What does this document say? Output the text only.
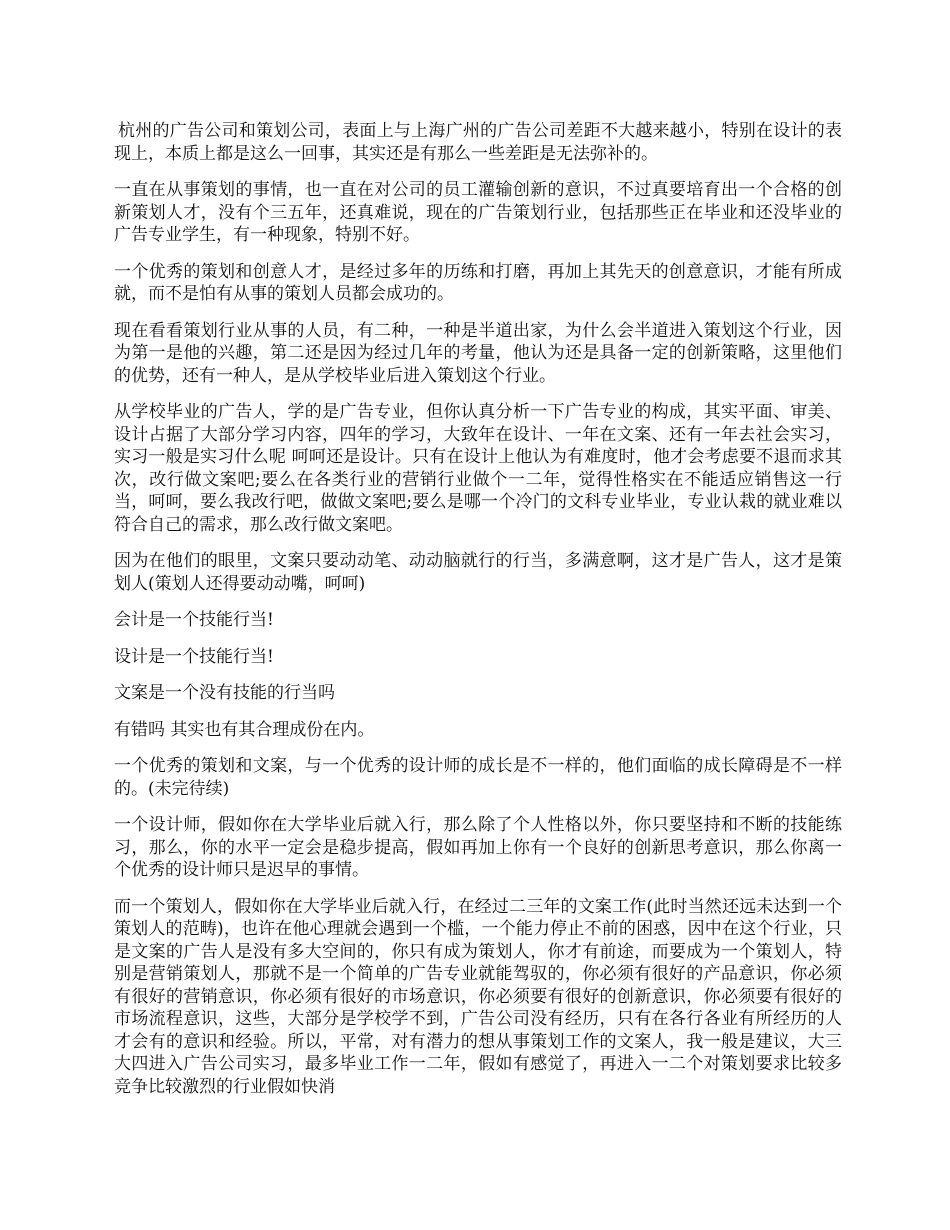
杭州的广告公司和策划公司，表面上与上海广州的广告公司差距不大越来越小，特别在设计的表现上，本质上都是这么一回事，其实还是有那么一些差距是无法弥补的。

一直在从事策划的事情，也一直在对公司的员工灌输创新的意识，不过真要培育出一个合格的创新策划人才，没有个三五年，还真难说，现在的广告策划行业，包括那些正在毕业和还没毕业的广告专业学生，有一种现象，特别不好。

一个优秀的策划和创意人才，是经过多年的历练和打磨，再加上其先天的创意意识，才能有所成就，而不是怕有从事的策划人员都会成功的。

现在看看策划行业从事的人员，有二种，一种是半道出家，为什么会半道进入策划这个行业，因为第一是他的兴趣，第二还是因为经过几年的考量，他认为还是具备一定的创新策略，这里他们的优势，还有一种人，是从学校毕业后进入策划这个行业。

从学校毕业的广告人，学的是广告专业，但你认真分析一下广告专业的构成，其实平面、审美、设计占据了大部分学习内容，四年的学习，大致年在设计、一年在文案、还有一年去社会实习，实习一般是实习什么呢 呵呵还是设计。只有在设计上他认为有难度时，他才会考虑要不退而求其次，改行做文案吧;要么在各类行业的营销行业做个一二年，觉得性格实在不能适应销售这一行当，呵呵，要么我改行吧，做做文案吧;要么是哪一个冷门的文科专业毕业，专业认栽的就业难以符合自己的需求，那么改行做文案吧。

因为在他们的眼里，文案只要动动笔、动动脑就行的行当，多满意啊，这才是广告人，这才是策划人(策划人还得要动动嘴，呵呵)

会计是一个技能行当!

设计是一个技能行当!

文案是一个没有技能的行当吗

有错吗 其实也有其合理成份在内。

一个优秀的策划和文案，与一个优秀的设计师的成长是不一样的，他们面临的成长障碍是不一样的。(未完待续)

一个设计师，假如你在大学毕业后就入行，那么除了个人性格以外，你只要坚持和不断的技能练习，那么，你的水平一定会是稳步提高，假如再加上你有一个良好的创新思考意识，那么你离一个优秀的设计师只是迟早的事情。

而一个策划人，假如你在大学毕业后就入行，在经过二三年的文案工作(此时当然还远未达到一个策划人的范畴)，也许在他心理就会遇到一个槛，一个能力停止不前的困惑，因中在这个行业，只是文案的广告人是没有多大空间的，你只有成为策划人，你才有前途，而要成为一个策划人，特别是营销策划人，那就不是一个简单的广告专业就能驾驭的，你必须有很好的产品意识，你必须有很好的营销意识，你必须有很好的市场意识，你必须要有很好的创新意识，你必须要有很好的市场流程意识，这些，大部分是学校学不到，广告公司没有经历，只有在各行各业有所经历的人才会有的意识和经验。所以，平常，对有潜力的想从事策划工作的文案人，我一般是建议，大三大四进入广告公司实习，最多毕业工作一二年，假如有感觉了，再进入一二个对策划要求比较多竞争比较激烈的行业假如快消
